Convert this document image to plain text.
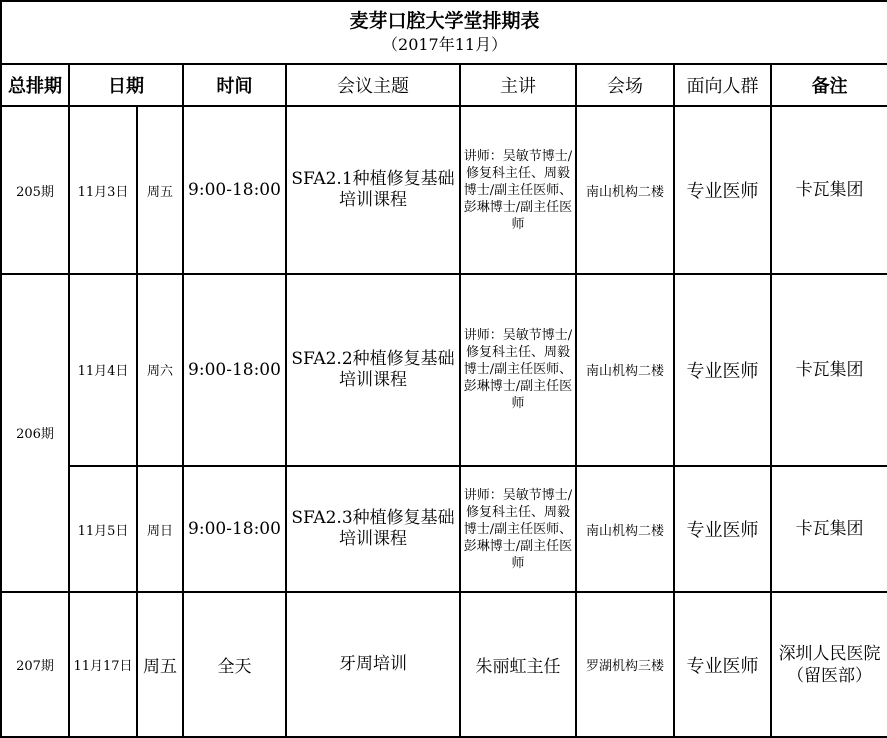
麦芽口腔大学堂排期表
（2017年11月）								

总排期	日期		时间	会议主题	主讲	会场	面向人群	备注
205期	11月3日	周五	9:00-18:00	SFA2.1种植修复基础培训课程	讲师：吴敏节博士/修复科主任、周毅博士/副主任医师、彭琳博士/副主任医师	南山机构二楼	专业医师	卡瓦集团
206期	11月4日	周六	9:00-18:00	SFA2.2种植修复基础培训课程	讲师：吴敏节博士/修复科主任、周毅博士/副主任医师、彭琳博士/副主任医师	南山机构二楼	专业医师	卡瓦集团
	11月5日	周日	9:00-18:00	SFA2.3种植修复基础培训课程	讲师：吴敏节博士/修复科主任、周毅博士/副主任医师、彭琳博士/副主任医师	南山机构二楼	专业医师	卡瓦集团
207期	11月17日	周五	全天	牙周培训	朱丽虹主任	罗湖机构三楼	专业医师	深圳人民医院（留医部）
